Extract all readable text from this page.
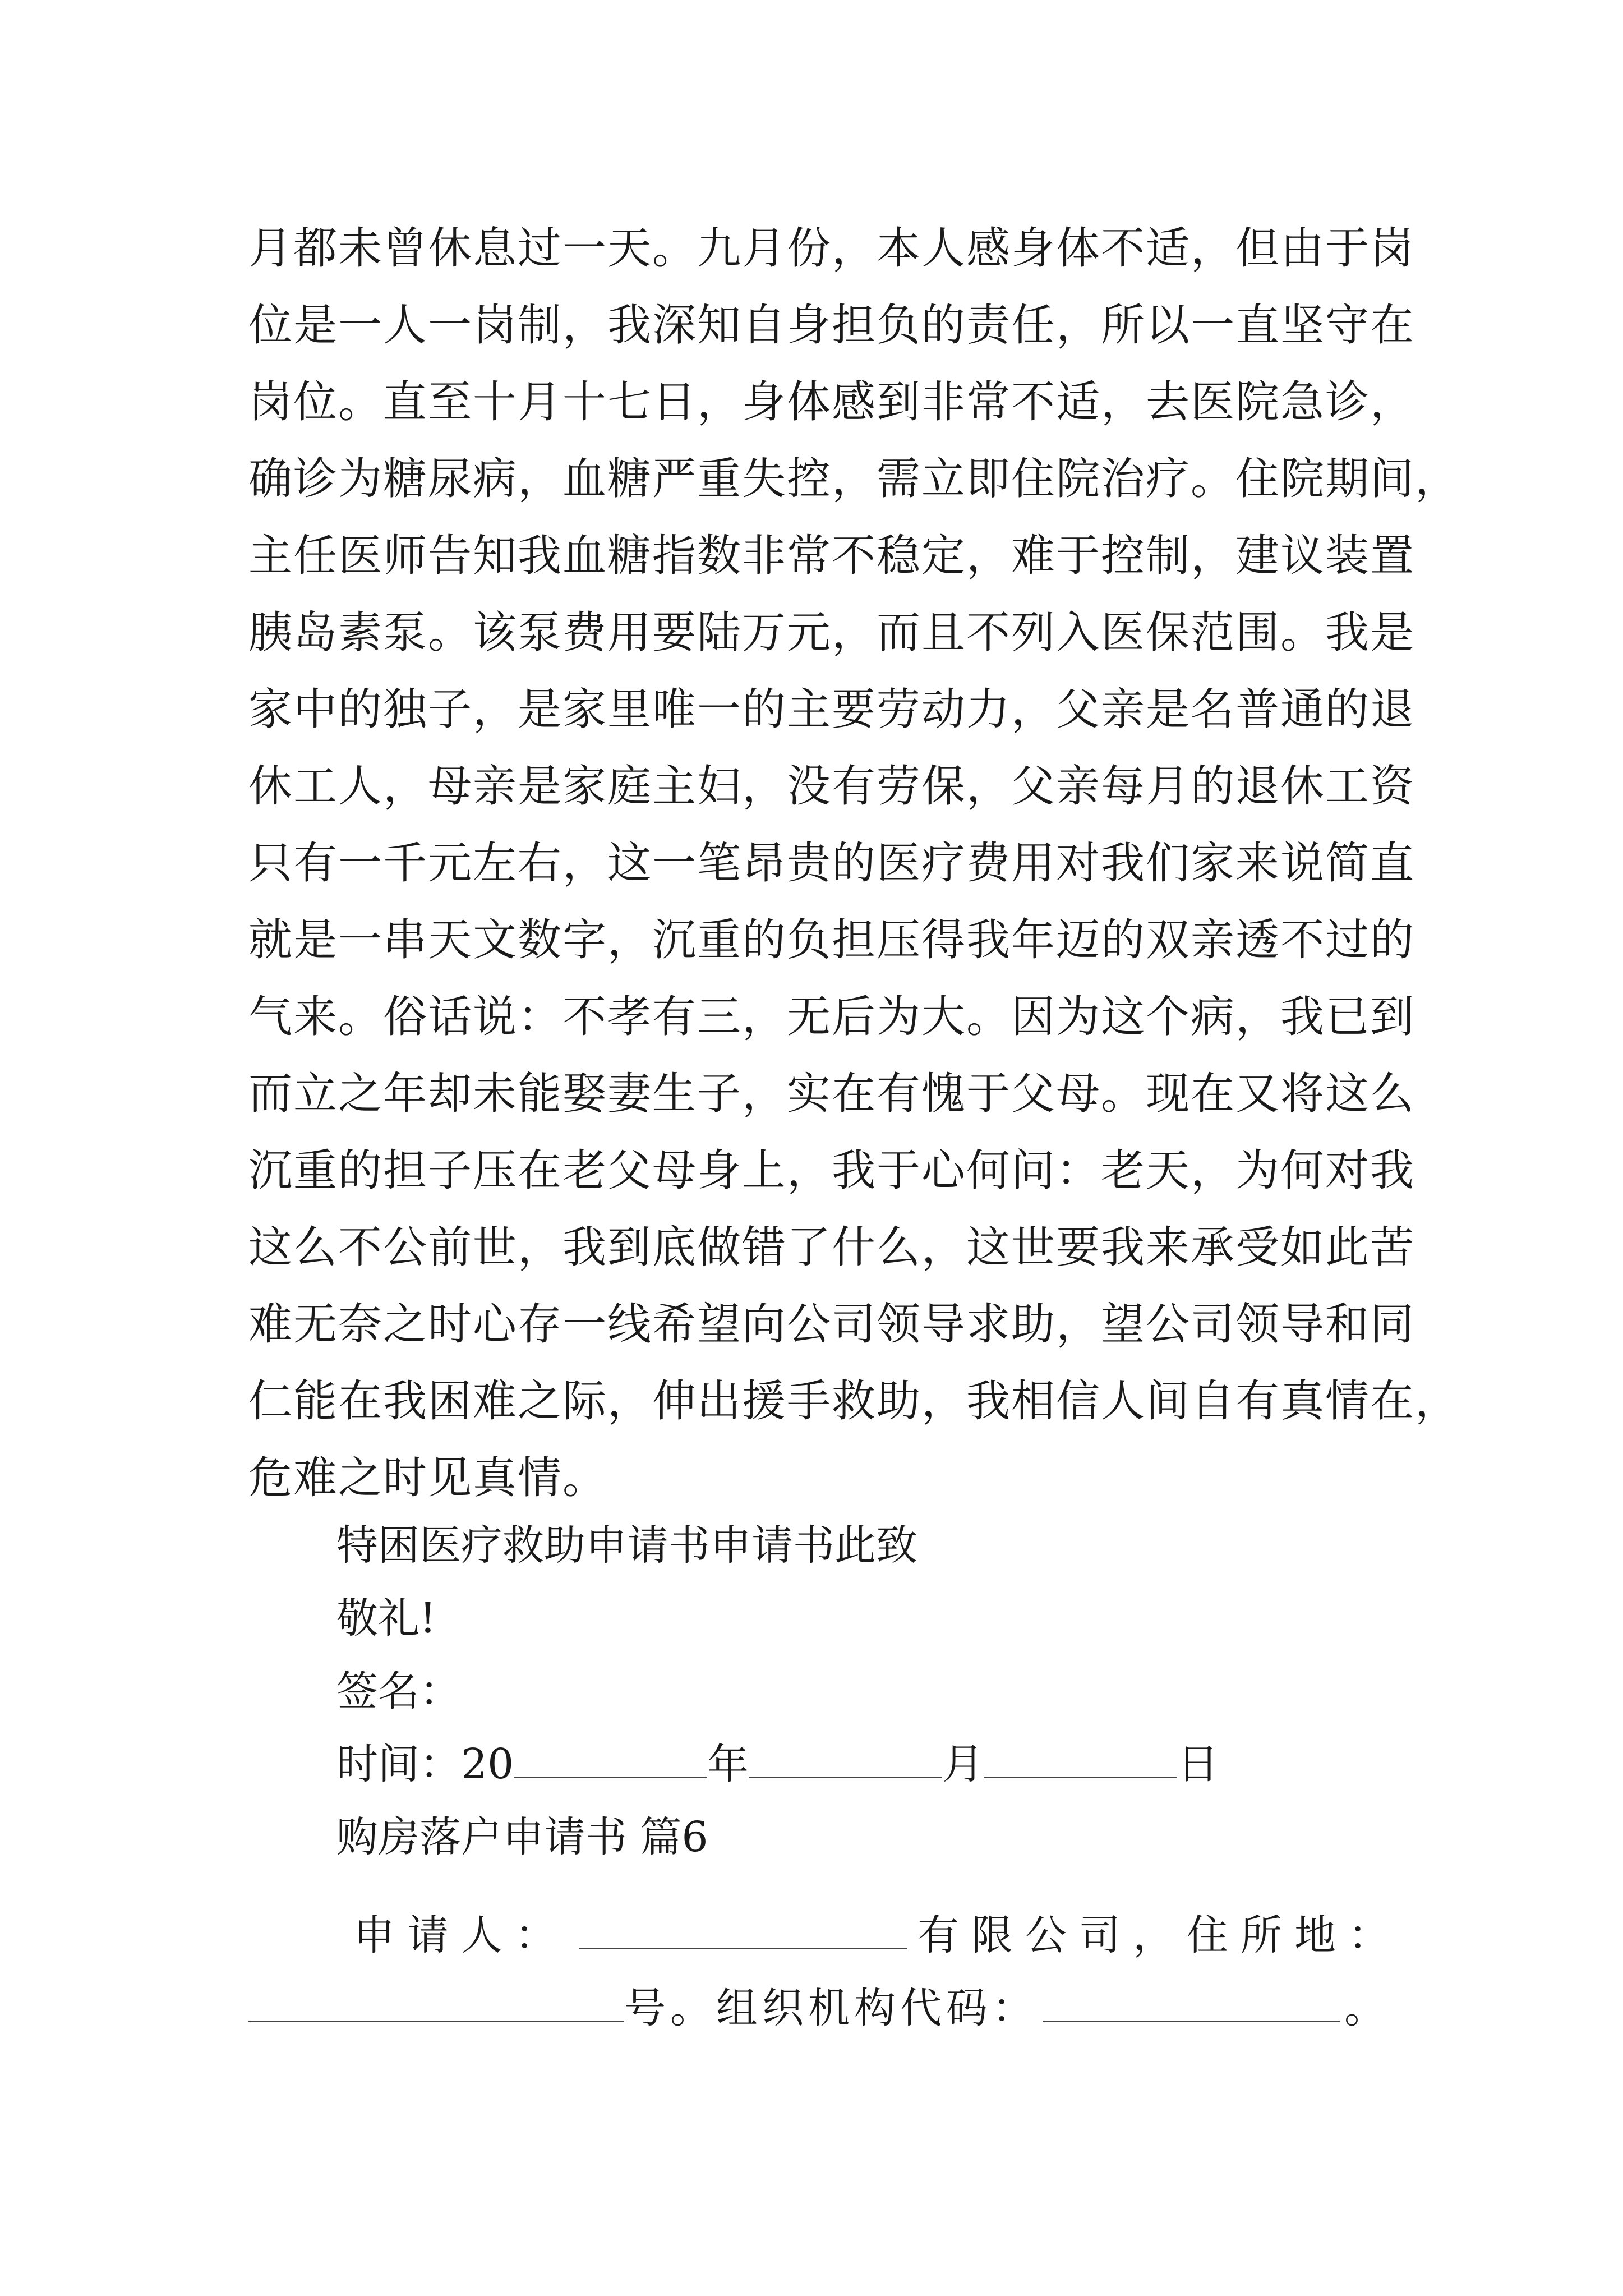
月都未曾休息过一天。九月份，本人感身体不适，但由于岗
位是一人一岗制，我深知自身担负的责任，所以一直坚守在
岗位。直至十月十七日，身体感到非常不适，去医院急诊，
确诊为糖尿病，血糖严重失控，需立即住院治疗。住院期间，
主任医师告知我血糖指数非常不稳定，难于控制，建议装置
胰岛素泵。该泵费用要陆万元，而且不列入医保范围。我是
家中的独子，是家里唯一的主要劳动力，父亲是名普通的退
休工人，母亲是家庭主妇，没有劳保，父亲每月的退休工资
只有一千元左右，这一笔昂贵的医疗费用对我们家来说简直
就是一串天文数字，沉重的负担压得我年迈的双亲透不过的
气来。俗话说：不孝有三，无后为大。因为这个病，我已到
而立之年却未能娶妻生子，实在有愧于父母。现在又将这么
沉重的担子压在老父母身上，我于心何问：老天，为何对我
这么不公前世，我到底做错了什么，这世要我来承受如此苦
难无奈之时心存一线希望向公司领导求助，望公司领导和同
仁能在我困难之际，伸出援手救助，我相信人间自有真情在，
危难之时见真情。
特困医疗救助申请书申请书此致
敬礼!
签名：
时间：20	年	月	日
购房落户申请书 篇6
申请人：	有限公司，住所地：
号。组织机构代码：	。
